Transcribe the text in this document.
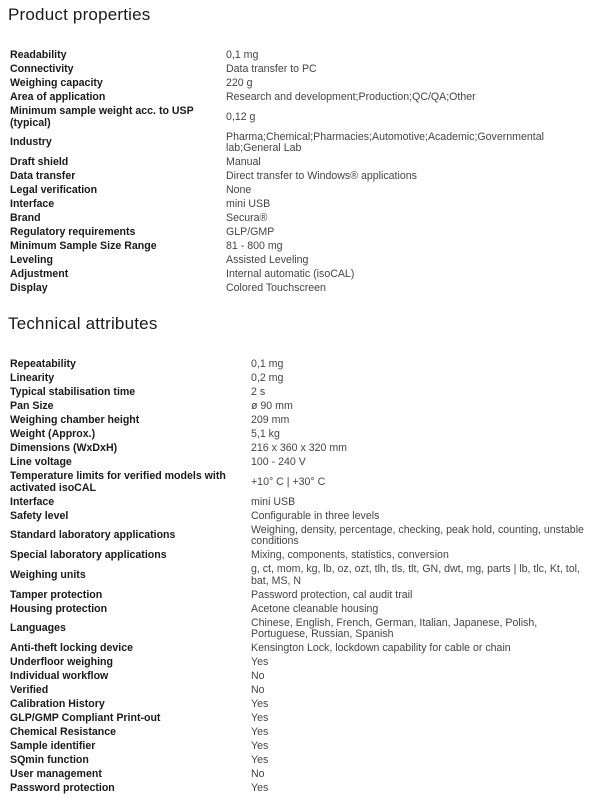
Product properties
Readability	0,1 mg
Connectivity	Data transfer to PC
Weighing capacity	220 g
Area of application	Research and development;Production;QC/QA;Other
Minimum sample weight acc. to USP (typical)	0,12 g
Industry	Pharma;Chemical;Pharmacies;Automotive;Academic;Governmental lab;General Lab
Draft shield	Manual
Data transfer	Direct transfer to Windows® applications
Legal verification	None
Interface	mini USB
Brand	Secura®
Regulatory requirements	GLP/GMP
Minimum Sample Size Range	81 - 800 mg
Leveling	Assisted Leveling
Adjustment	Internal automatic (isoCAL)
Display	Colored Touchscreen
Technical attributes
Repeatability	0,1 mg
Linearity	0,2 mg
Typical stabilisation time	2 s
Pan Size	ø 90 mm
Weighing chamber height	209 mm
Weight (Approx.)	5,1 kg
Dimensions (WxDxH)	216 x 360 x 320 mm
Line voltage	100 - 240 V
Temperature limits for verified models with activated isoCAL	+10° C | +30° C
Interface	mini USB
Safety level	Configurable in three levels
Standard laboratory applications	Weighing, density, percentage, checking, peak hold, counting, unstable conditions
Special laboratory applications	Mixing, components, statistics, conversion
Weighing units	g, ct, mom, kg, lb, oz, ozt, tlh, tls, tlt, GN, dwt, mg, parts | lb, tlc, Kt, tol, bat, MS, N
Tamper protection	Password protection, cal audit trail
Housing protection	Acetone cleanable housing
Languages	Chinese, English, French, German, Italian, Japanese, Polish, Portuguese, Russian, Spanish
Anti-theft locking device	Kensington Lock, lockdown capability for cable or chain
Underfloor weighing	Yes
Individual workflow	No
Verified	No
Calibration History	Yes
GLP/GMP Compliant Print-out	Yes
Chemical Resistance	Yes
Sample identifier	Yes
SQmin function	Yes
User management	No
Password protection	Yes
